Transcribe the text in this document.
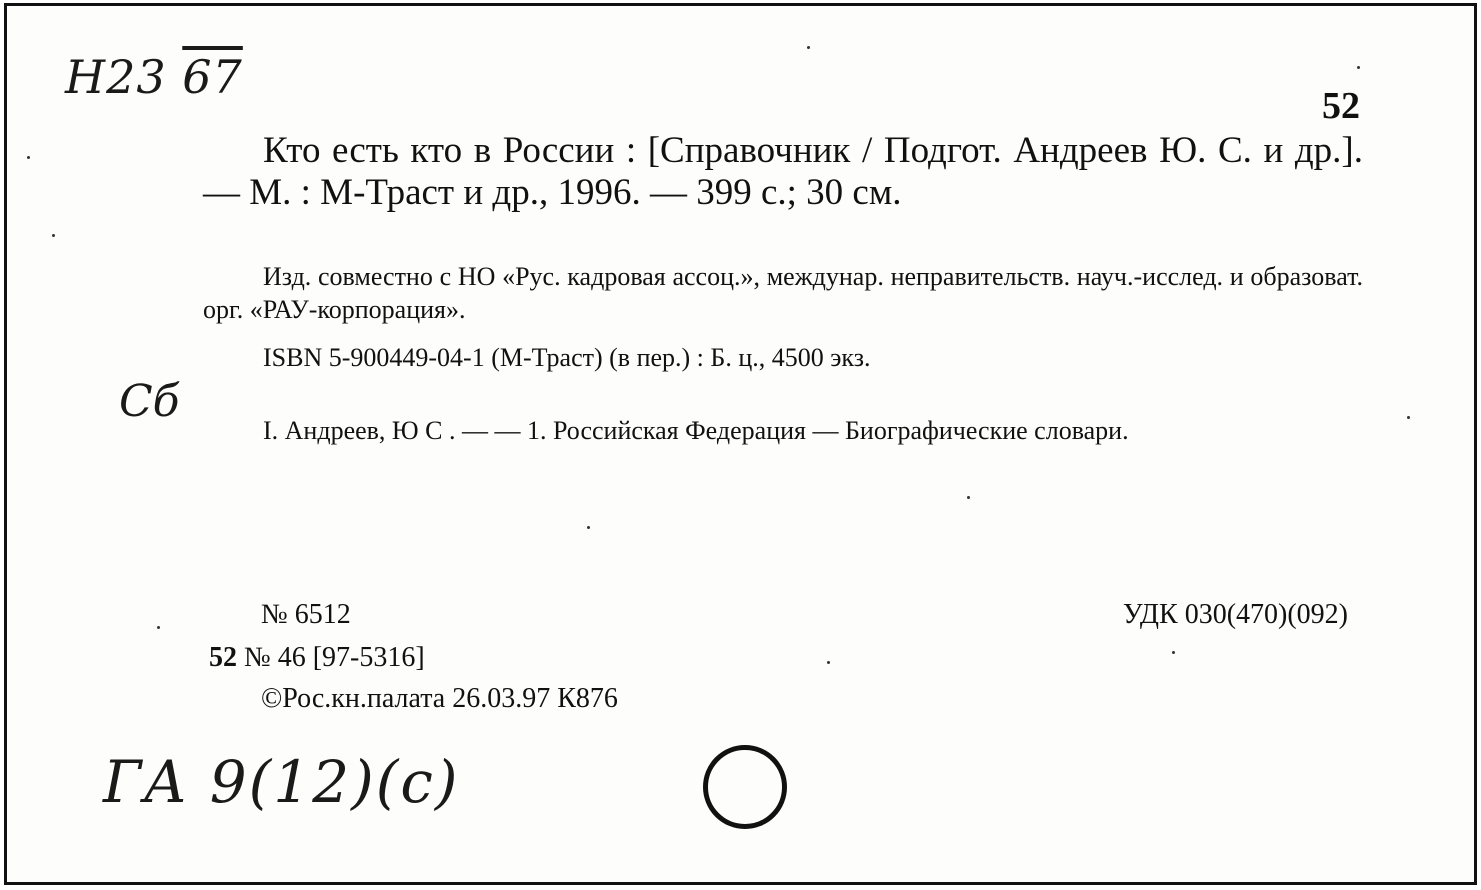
Н23 67
52

Кто есть кто в России : [Справочник / Подгот. Андреев Ю. С. и др.]. — М. : М-Траст и др., 1996. — 399 с.; 30 см.

Изд. совместно с НО «Рус. кадровая ассоц.», междунар. неправительств. науч.-исслед. и образоват. орг. «РАУ-корпорация».

ISBN 5-900449-04-1 (М-Траст) (в пер.) : Б. ц., 4500 экз.

Сб

I. Андреев, Ю С . — — 1. Российская Федерация — Биографические словари.

№ 6512
52 № 46 [97-5316]
©Рос.кн.палата 26.03.97 К876
УДК 030(470)(092)
ГА 9(12)(с)
